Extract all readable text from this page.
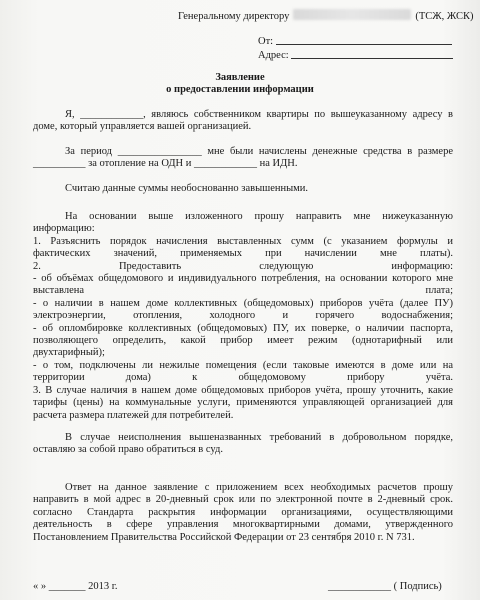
Генеральному директору	(ТСЖ, ЖСК)
От:
Адрес:
Заявление
о предоставлении информации

Я, ____________, являюсь собственником квартиры по вышеуказанному адресу в

доме, который управляется вашей организацией.

За период ________________ мне были начислены денежные средства в размере

__________ за отопление на ОДН и ____________ на ИДН.

Считаю данные суммы необоснованно завышенными.

На основании выше изложенного прошу направить мне нижеуказанную

информацию:

1. Разъяснить порядок начисления выставленных сумм (с указанием формулы и

фактических значений, применяемых при начислении мне платы).

2. Предоставить следующую информацию:

- об объёмах общедомового и индивидуального потребления, на основании которого мне

выставлена плата;

- о наличии в нашем доме коллективных (общедомовых) приборов учёта (далее ПУ)

электроэнергии, отопления, холодного и горячего водоснабжения;

- об опломбировке коллективных (общедомовых) ПУ, их поверке, о наличии паспорта,

позволяющего определить, какой прибор имеет режим (однотарифный или

двухтарифный);

- о том, подключены ли нежилые помещения (если таковые имеются в доме или на

территории дома) к общедомовому прибору учёта.

3. В случае наличия в нашем доме общедомовых приборов учёта, прошу уточнить, какие

тарифы (цены) на коммунальные услуги, применяются управляющей организацией для

расчета размера платежей для потребителей.

В случае неисполнения вышеназванных требований в добровольном порядке,

оставляю за собой право обратиться в суд.

Ответ на данное заявление с приложением всех необходимых расчетов прошу

направить в мой адрес в 20-дневный срок или по электронной почте в 2-дневный срок.

согласно Стандарта раскрытия информации организациями, осуществляющими

деятельность в сфере управления многоквартирными домами, утвержденного

Постановлением Правительства Российской Федерации от 23 сентября 2010 г. N 731.

« » _______ 2013 г.	____________ ( Подпись)
